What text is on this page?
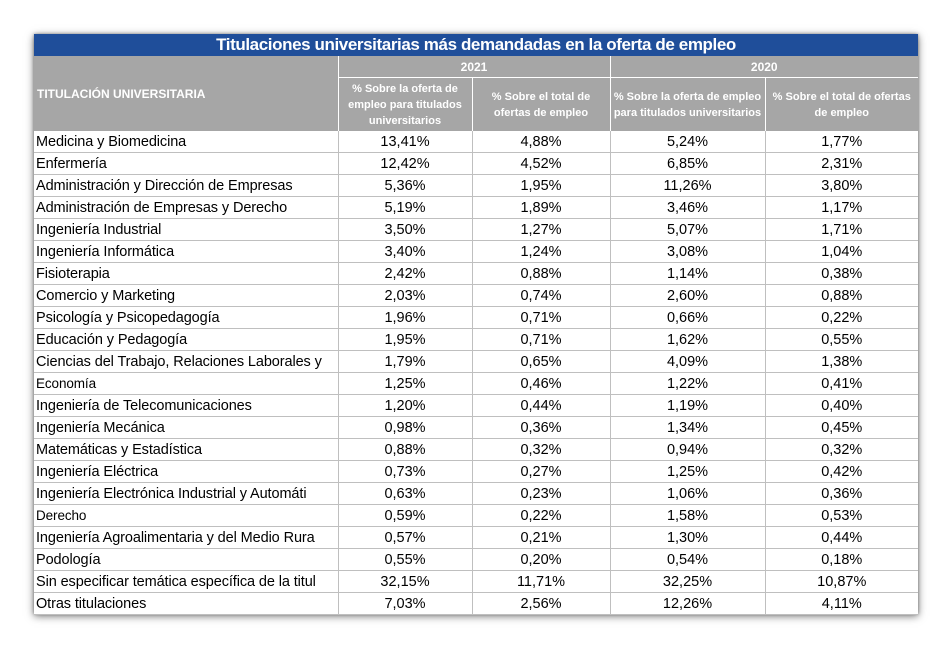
Titulaciones universitarias más demandadas en la oferta de empleo				
TITULACIÓN UNIVERSITARIA	2021		2020	
	% Sobre la oferta de empleo para titulados universitarios	% Sobre el total de ofertas de empleo	% Sobre la oferta de empleo para titulados universitarios	% Sobre el total de ofertas de empleo
Medicina y Biomedicina	13,41%	4,88%	5,24%	1,77%
Enfermería	12,42%	4,52%	6,85%	2,31%
Administración y Dirección de Empresas	5,36%	1,95%	11,26%	3,80%
Administración de Empresas y Derecho	5,19%	1,89%	3,46%	1,17%
Ingeniería Industrial	3,50%	1,27%	5,07%	1,71%
Ingeniería Informática	3,40%	1,24%	3,08%	1,04%
Fisioterapia	2,42%	0,88%	1,14%	0,38%
Comercio y Marketing	2,03%	0,74%	2,60%	0,88%
Psicología y Psicopedagogía	1,96%	0,71%	0,66%	0,22%
Educación y Pedagogía	1,95%	0,71%	1,62%	0,55%
Ciencias del Trabajo, Relaciones Laborales y	1,79%	0,65%	4,09%	1,38%
Economía	1,25%	0,46%	1,22%	0,41%
Ingeniería de Telecomunicaciones	1,20%	0,44%	1,19%	0,40%
Ingeniería Mecánica	0,98%	0,36%	1,34%	0,45%
Matemáticas y Estadística	0,88%	0,32%	0,94%	0,32%
Ingeniería Eléctrica	0,73%	0,27%	1,25%	0,42%
Ingeniería Electrónica Industrial y Automáti	0,63%	0,23%	1,06%	0,36%
Derecho	0,59%	0,22%	1,58%	0,53%
Ingeniería Agroalimentaria y del Medio Rura	0,57%	0,21%	1,30%	0,44%
Podología	0,55%	0,20%	0,54%	0,18%
Sin especificar temática específica de la titul	32,15%	11,71%	32,25%	10,87%
Otras titulaciones	7,03%	2,56%	12,26%	4,11%
